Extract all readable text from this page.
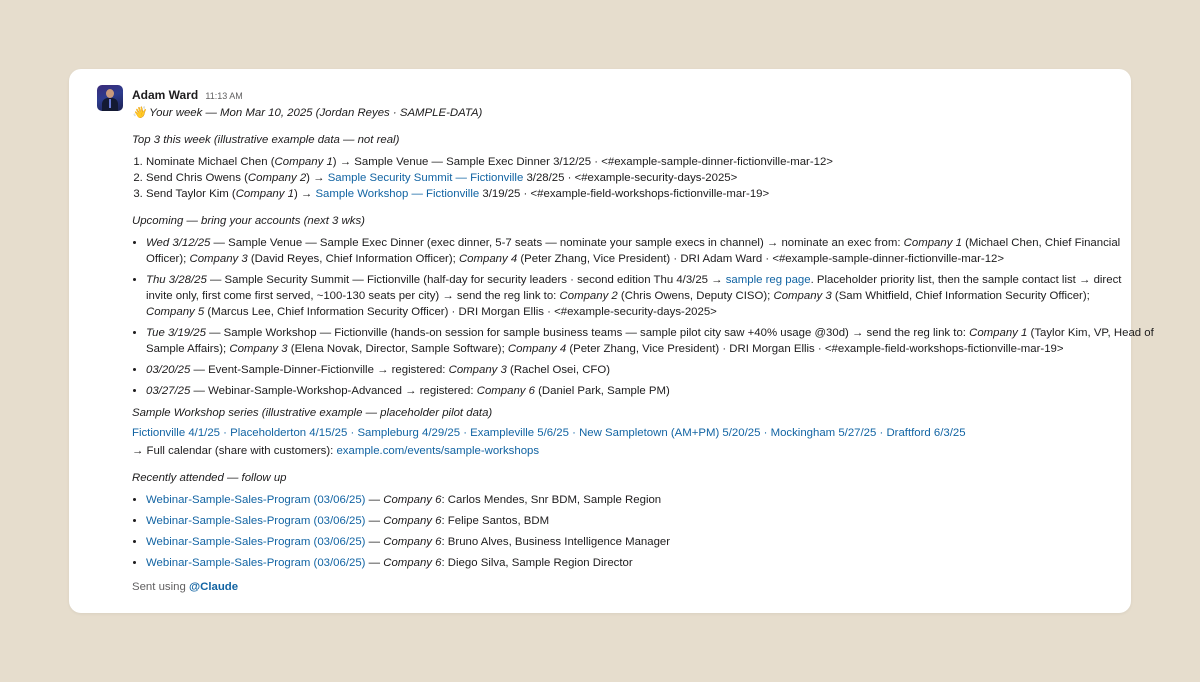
Adam Ward 11:13 AM
👋 Your week — Mon Mar 10, 2025 (Jordan Reyes · SAMPLE-DATA)
Top 3 this week (illustrative example data — not real)
1. Nominate Michael Chen (Company 1) → Sample Venue — Sample Exec Dinner 3/12/25 · <#example-sample-dinner-fictionville-mar-12>
2. Send Chris Owens (Company 2) → Sample Security Summit — Fictionville 3/28/25 · <#example-security-days-2025>
3. Send Taylor Kim (Company 1) → Sample Workshop — Fictionville 3/19/25 · <#example-field-workshops-fictionville-mar-19>
Upcoming — bring your accounts (next 3 wks)
• Wed 3/12/25 — Sample Venue — Sample Exec Dinner (exec dinner, 5-7 seats — nominate your sample execs in channel) → nominate an exec from: Company 1 (Michael Chen, Chief Financial
Officer); Company 3 (David Reyes, Chief Information Officer); Company 4 (Peter Zhang, Vice President) · DRI Adam Ward · <#example-sample-dinner-fictionville-mar-12>
• Thu 3/28/25 — Sample Security Summit — Fictionville (half-day for security leaders · second edition Thu 4/3/25 → sample reg page. Placeholder priority list, then the sample contact list → direct
invite only, first come first served, ~100-130 seats per city) → send the reg link to: Company 2 (Chris Owens, Deputy CISO); Company 3 (Sam Whitfield, Chief Information Security Officer);
Company 5 (Marcus Lee, Chief Information Security Officer) · DRI Morgan Ellis · <#example-security-days-2025>
• Tue 3/19/25 — Sample Workshop — Fictionville (hands-on session for sample business teams — sample pilot city saw +40% usage @30d) → send the reg link to: Company 1 (Taylor Kim, VP, Head of
Sample Affairs); Company 3 (Elena Novak, Director, Sample Software); Company 4 (Peter Zhang, Vice President) · DRI Morgan Ellis · <#example-field-workshops-fictionville-mar-19>
• 03/20/25 — Event-Sample-Dinner-Fictionville → registered: Company 3 (Rachel Osei, CFO)
• 03/27/25 — Webinar-Sample-Workshop-Advanced → registered: Company 6 (Daniel Park, Sample PM)
Sample Workshop series (illustrative example — placeholder pilot data)
Fictionville 4/1/25 · Placeholderton 4/15/25 · Sampleburg 4/29/25 · Exampleville 5/6/25 · New Sampletown (AM+PM) 5/20/25 · Mockingham 5/27/25 · Draftford 6/3/25
→ Full calendar (share with customers): example.com/events/sample-workshops
Recently attended — follow up
• Webinar-Sample-Sales-Program (03/06/25) — Company 6: Carlos Mendes, Snr BDM, Sample Region
• Webinar-Sample-Sales-Program (03/06/25) — Company 6: Felipe Santos, BDM
• Webinar-Sample-Sales-Program (03/06/25) — Company 6: Bruno Alves, Business Intelligence Manager
• Webinar-Sample-Sales-Program (03/06/25) — Company 6: Diego Silva, Sample Region Director
Sent using @Claude
